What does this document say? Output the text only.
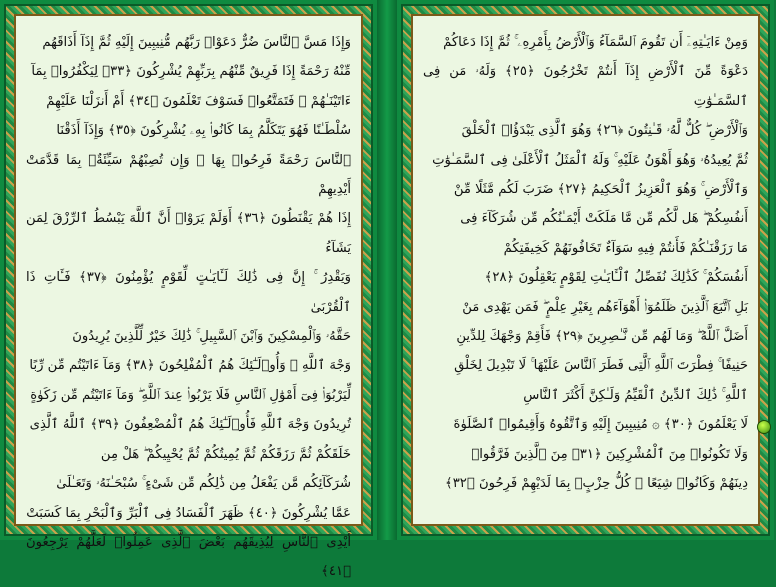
وَإِذَا مَسَّ ٱلنَّاسَ ضُرٌّ دَعَوْا۟ رَبَّهُم مُّنِيبِينَ إِلَيْهِ ثُمَّ إِذَآ أَذَاقَهُم

مِّنْهُ رَحْمَةً إِذَا فَرِيقٌ مِّنْهُم بِرَبِّهِمْ يُشْرِكُونَ ﴿٣٣﴾ لِيَكْفُرُوا۟ بِمَآ

ءَاتَيْنَـٰهُمْ ۚ فَتَمَتَّعُوا۟ فَسَوْفَ تَعْلَمُونَ ﴿٣٤﴾ أَمْ أَنزَلْنَا عَلَيْهِمْ

سُلْطَـٰنًا فَهُوَ يَتَكَلَّمُ بِمَا كَانُوا۟ بِهِۦ يُشْرِكُونَ ﴿٣٥﴾ وَإِذَآ أَذَقْنَا

ٱلنَّاسَ رَحْمَةً فَرِحُوا۟ بِهَا ۖ وَإِن تُصِبْهُمْ سَيِّئَةٌۢ بِمَا قَدَّمَتْ أَيْدِيهِمْ

إِذَا هُمْ يَقْنَطُونَ ﴿٣٦﴾ أَوَلَمْ يَرَوْا۟ أَنَّ ٱللَّهَ يَبْسُطُ ٱلرِّزْقَ لِمَن يَشَآءُ

وَيَقْدِرُ ۚ إِنَّ فِى ذَٰلِكَ لَـَٔايَـٰتٍ لِّقَوْمٍ يُؤْمِنُونَ ﴿٣٧﴾ فَـَٔاتِ ذَا ٱلْقُرْبَىٰ

حَقَّهُۥ وَٱلْمِسْكِينَ وَٱبْنَ ٱلسَّبِيلِ ۚ ذَٰلِكَ خَيْرٌ لِّلَّذِينَ يُرِيدُونَ

وَجْهَ ٱللَّهِ ۖ وَأُو۟لَـٰٓئِكَ هُمُ ٱلْمُفْلِحُونَ ﴿٣٨﴾ وَمَآ ءَاتَيْتُم مِّن رِّبًا

لِّيَرْبُوَا۟ فِىٓ أَمْوَٰلِ ٱلنَّاسِ فَلَا يَرْبُوا۟ عِندَ ٱللَّهِ ۖ وَمَآ ءَاتَيْتُم مِّن زَكَوٰةٍ

تُرِيدُونَ وَجْهَ ٱللَّهِ فَأُو۟لَـٰٓئِكَ هُمُ ٱلْمُضْعِفُونَ ﴿٣٩﴾ ٱللَّهُ ٱلَّذِى

خَلَقَكُمْ ثُمَّ رَزَقَكُمْ ثُمَّ يُمِيتُكُمْ ثُمَّ يُحْيِيكُمْ ۖ هَلْ مِن

شُرَكَآئِكُم مَّن يَفْعَلُ مِن ذَٰلِكُم مِّن شَىْءٍ ۚ سُبْحَـٰنَهُۥ وَتَعَـٰلَىٰ

عَمَّا يُشْرِكُونَ ﴿٤٠﴾ ظَهَرَ ٱلْفَسَادُ فِى ٱلْبَرِّ وَٱلْبَحْرِ بِمَا كَسَبَتْ

أَيْدِى ٱلنَّاسِ لِيُذِيقَهُم بَعْضَ ٱلَّذِى عَمِلُوا۟ لَعَلَّهُمْ يَرْجِعُونَ ﴿٤١﴾

وَمِنْ ءَايَـٰتِهِۦٓ أَن تَقُومَ ٱلسَّمَآءُ وَٱلْأَرْضُ بِأَمْرِهِۦ ۚ ثُمَّ إِذَا دَعَاكُمْ

دَعْوَةً مِّنَ ٱلْأَرْضِ إِذَآ أَنتُمْ تَخْرُجُونَ ﴿٢٥﴾ وَلَهُۥ مَن فِى ٱلسَّمَـٰوَٰتِ

وَٱلْأَرْضِ ۖ كُلٌّ لَّهُۥ قَـٰنِتُونَ ﴿٢٦﴾ وَهُوَ ٱلَّذِى يَبْدَؤُا۟ ٱلْخَلْقَ

ثُمَّ يُعِيدُهُۥ وَهُوَ أَهْوَنُ عَلَيْهِ ۚ وَلَهُ ٱلْمَثَلُ ٱلْأَعْلَىٰ فِى ٱلسَّمَـٰوَٰتِ

وَٱلْأَرْضِ ۚ وَهُوَ ٱلْعَزِيزُ ٱلْحَكِيمُ ﴿٢٧﴾ ضَرَبَ لَكُم مَّثَلًا مِّنْ

أَنفُسِكُمْ ۖ هَل لَّكُم مِّن مَّا مَلَكَتْ أَيْمَـٰنُكُم مِّن شُرَكَآءَ فِى

مَا رَزَقْنَـٰكُمْ فَأَنتُمْ فِيهِ سَوَآءٌ تَخَافُونَهُمْ كَخِيفَتِكُمْ

أَنفُسَكُمْ ۚ كَذَٰلِكَ نُفَصِّلُ ٱلْـَٔايَـٰتِ لِقَوْمٍ يَعْقِلُونَ ﴿٢٨﴾

بَلِ ٱتَّبَعَ ٱلَّذِينَ ظَلَمُوٓا۟ أَهْوَآءَهُم بِغَيْرِ عِلْمٍ ۖ فَمَن يَهْدِى مَنْ

أَضَلَّ ٱللَّهُ ۖ وَمَا لَهُم مِّن نَّـٰصِرِينَ ﴿٢٩﴾ فَأَقِمْ وَجْهَكَ لِلدِّينِ

حَنِيفًا ۚ فِطْرَتَ ٱللَّهِ ٱلَّتِى فَطَرَ ٱلنَّاسَ عَلَيْهَا ۚ لَا تَبْدِيلَ لِخَلْقِ

ٱللَّهِ ۚ ذَٰلِكَ ٱلدِّينُ ٱلْقَيِّمُ وَلَـٰكِنَّ أَكْثَرَ ٱلنَّاسِ

لَا يَعْلَمُونَ ﴿٣٠﴾ ۞ مُنِيبِينَ إِلَيْهِ وَٱتَّقُوهُ وَأَقِيمُوا۟ ٱلصَّلَوٰةَ

وَلَا تَكُونُوا۟ مِنَ ٱلْمُشْرِكِينَ ﴿٣١﴾ مِنَ ٱلَّذِينَ فَرَّقُوا۟

دِينَهُمْ وَكَانُوا۟ شِيَعًا ۖ كُلُّ حِزْبٍۭ بِمَا لَدَيْهِمْ فَرِحُونَ ﴿٣٢﴾
